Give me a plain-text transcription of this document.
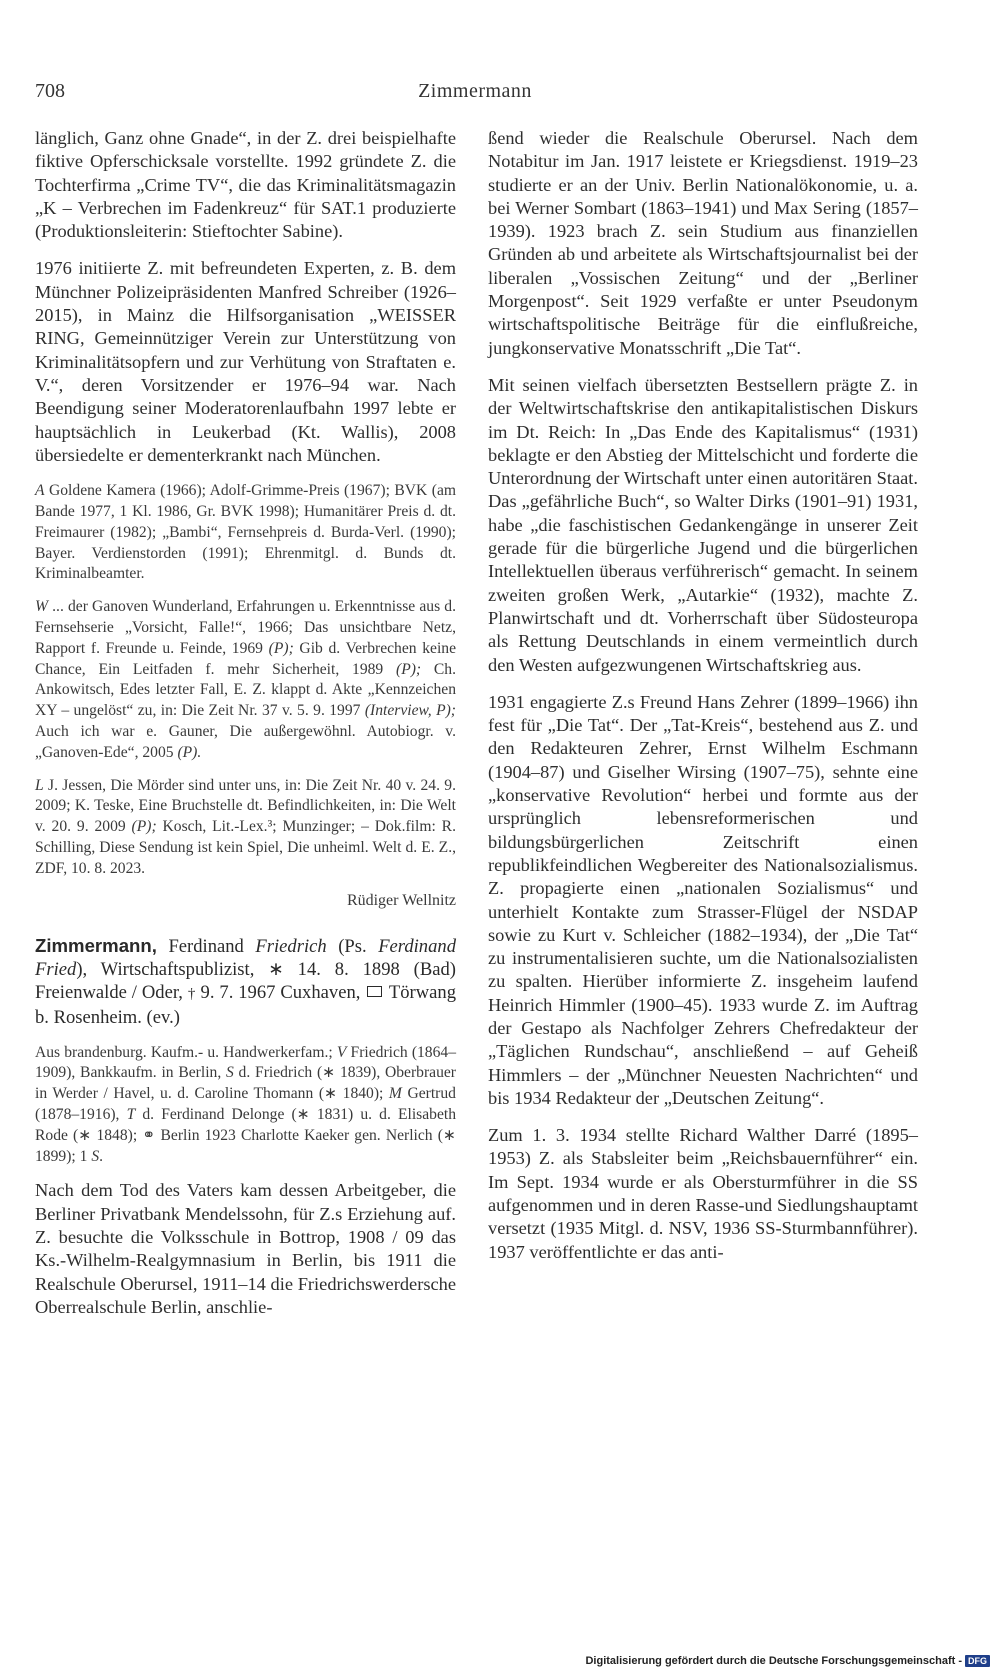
708	Zimmermann

länglich, Ganz ohne Gnade“, in der Z. drei beispielhafte fiktive Opferschicksale vorstellte. 1992 gründete Z. die Tochterfirma „Crime TV“, die das Kriminalitätsmagazin „K – Verbrechen im Fadenkreuz“ für SAT.1 produzierte (Produktionsleiterin: Stieftochter Sabine).

1976 initiierte Z. mit befreundeten Experten, z. B. dem Münchner Polizeipräsidenten Manfred Schreiber (1926–2015), in Mainz die Hilfsorganisation „WEISSER RING, Gemeinnütziger Verein zur Unterstützung von Kriminalitätsopfern und zur Verhütung von Straftaten e. V.“, deren Vorsitzender er 1976–94 war. Nach Beendigung seiner Moderatorenlaufbahn 1997 lebte er hauptsächlich in Leukerbad (Kt. Wallis), 2008 übersiedelte er dementerkrankt nach München.

A Goldene Kamera (1966); Adolf-Grimme-Preis (1967); BVK (am Bande 1977, 1 Kl. 1986, Gr. BVK 1998); Humanitärer Preis d. dt. Freimaurer (1982); „Bambi“, Fernsehpreis d. Burda-Verl. (1990); Bayer. Verdienstorden (1991); Ehrenmitgl. d. Bunds dt. Kriminalbeamter.

W ... der Ganoven Wunderland, Erfahrungen u. Erkenntnisse aus d. Fernsehserie „Vorsicht, Falle!“, 1966; Das unsichtbare Netz, Rapport f. Freunde u. Feinde, 1969 (P); Gib d. Verbrechen keine Chance, Ein Leitfaden f. mehr Sicherheit, 1989 (P); Ch. Ankowitsch, Edes letzter Fall, E. Z. klappt d. Akte „Kennzeichen XY – ungelöst“ zu, in: Die Zeit Nr. 37 v. 5. 9. 1997 (Interview, P); Auch ich war e. Gauner, Die außergewöhnl. Autobiogr. v. „Ganoven-Ede“, 2005 (P).

L J. Jessen, Die Mörder sind unter uns, in: Die Zeit Nr. 40 v. 24. 9. 2009; K. Teske, Eine Bruchstelle dt. Befindlichkeiten, in: Die Welt v. 20. 9. 2009 (P); Kosch, Lit.-Lex.³; Munzinger; – Dok.film: R. Schilling, Diese Sendung ist kein Spiel, Die unheiml. Welt d. E. Z., ZDF, 10. 8. 2023.

Rüdiger Wellnitz

Zimmermann, Ferdinand Friedrich (Ps. Ferdinand Fried), Wirtschaftspublizist, ∗ 14. 8. 1898 (Bad) Freienwalde / Oder, † 9. 7. 1967 Cuxhaven,  Törwang b. Rosenheim. (ev.)

Aus brandenburg. Kaufm.- u. Handwerkerfam.; V Friedrich (1864–1909), Bankkaufm. in Berlin, S d. Friedrich (∗ 1839), Oberbrauer in Werder / Havel, u. d. Caroline Thomann (∗ 1840); M Gertrud (1878–1916), T d. Ferdinand Delonge (∗ 1831) u. d. Elisabeth Rode (∗ 1848); ⚭ Berlin 1923 Charlotte Kaeker gen. Nerlich (∗ 1899); 1 S.

Nach dem Tod des Vaters kam dessen Arbeitgeber, die Berliner Privatbank Mendelssohn, für Z.s Erziehung auf. Z. besuchte die Volksschule in Bottrop, 1908 / 09 das Ks.-Wilhelm-Realgymnasium in Berlin, bis 1911 die Realschule Oberursel, 1911–14 die Friedrichswerdersche Oberrealschule Berlin, anschlie-

ßend wieder die Realschule Oberursel. Nach dem Notabitur im Jan. 1917 leistete er Kriegsdienst. 1919–23 studierte er an der Univ. Berlin Nationalökonomie, u. a. bei Werner Sombart (1863–1941) und Max Sering (1857–1939). 1923 brach Z. sein Studium aus finanziellen Gründen ab und arbeitete als Wirtschaftsjournalist bei der liberalen „Vossischen Zeitung“ und der „Berliner Morgenpost“. Seit 1929 verfaßte er unter Pseudonym wirtschaftspolitische Beiträge für die einflußreiche, jungkonservative Monatsschrift „Die Tat“.

Mit seinen vielfach übersetzten Bestsellern prägte Z. in der Weltwirtschaftskrise den antikapitalistischen Diskurs im Dt. Reich: In „Das Ende des Kapitalismus“ (1931) beklagte er den Abstieg der Mittelschicht und forderte die Unterordnung der Wirtschaft unter einen autoritären Staat. Das „gefährliche Buch“, so Walter Dirks (1901–91) 1931, habe „die faschistischen Gedankengänge in unserer Zeit gerade für die bürgerliche Jugend und die bürgerlichen Intellektuellen überaus verführerisch“ gemacht. In seinem zweiten großen Werk, „Autarkie“ (1932), machte Z. Planwirtschaft und dt. Vorherrschaft über Südosteuropa als Rettung Deutschlands in einem vermeintlich durch den Westen aufgezwungenen Wirtschaftskrieg aus.

1931 engagierte Z.s Freund Hans Zehrer (1899–1966) ihn fest für „Die Tat“. Der „Tat-Kreis“, bestehend aus Z. und den Redakteuren Zehrer, Ernst Wilhelm Eschmann (1904–87) und Giselher Wirsing (1907–75), sehnte eine „konservative Revolution“ herbei und formte aus der ursprünglich lebensreformerischen und bildungsbürgerlichen Zeitschrift einen republikfeindlichen Wegbereiter des Nationalsozialismus. Z. propagierte einen „nationalen Sozialismus“ und unterhielt Kontakte zum Strasser-Flügel der NSDAP sowie zu Kurt v. Schleicher (1882–1934), der „Die Tat“ zu instrumentalisieren suchte, um die Nationalsozialisten zu spalten. Hierüber informierte Z. insgeheim laufend Heinrich Himmler (1900–45). 1933 wurde Z. im Auftrag der Gestapo als Nachfolger Zehrers Chefredakteur der „Täglichen Rundschau“, anschließend – auf Geheiß Himmlers – der „Münchner Neuesten Nachrichten“ und bis 1934 Redakteur der „Deutschen Zeitung“.

Zum 1. 3. 1934 stellte Richard Walther Darré (1895–1953) Z. als Stabsleiter beim „Reichsbauernführer“ ein. Im Sept. 1934 wurde er als Obersturmführer in die SS aufgenommen und in deren Rasse-und Siedlungshauptamt versetzt (1935 Mitgl. d. NSV, 1936 SS-Sturmbannführer). 1937 veröffentlichte er das anti-

Digitalisierung gefördert durch die Deutsche Forschungsgemeinschaft - DFG
